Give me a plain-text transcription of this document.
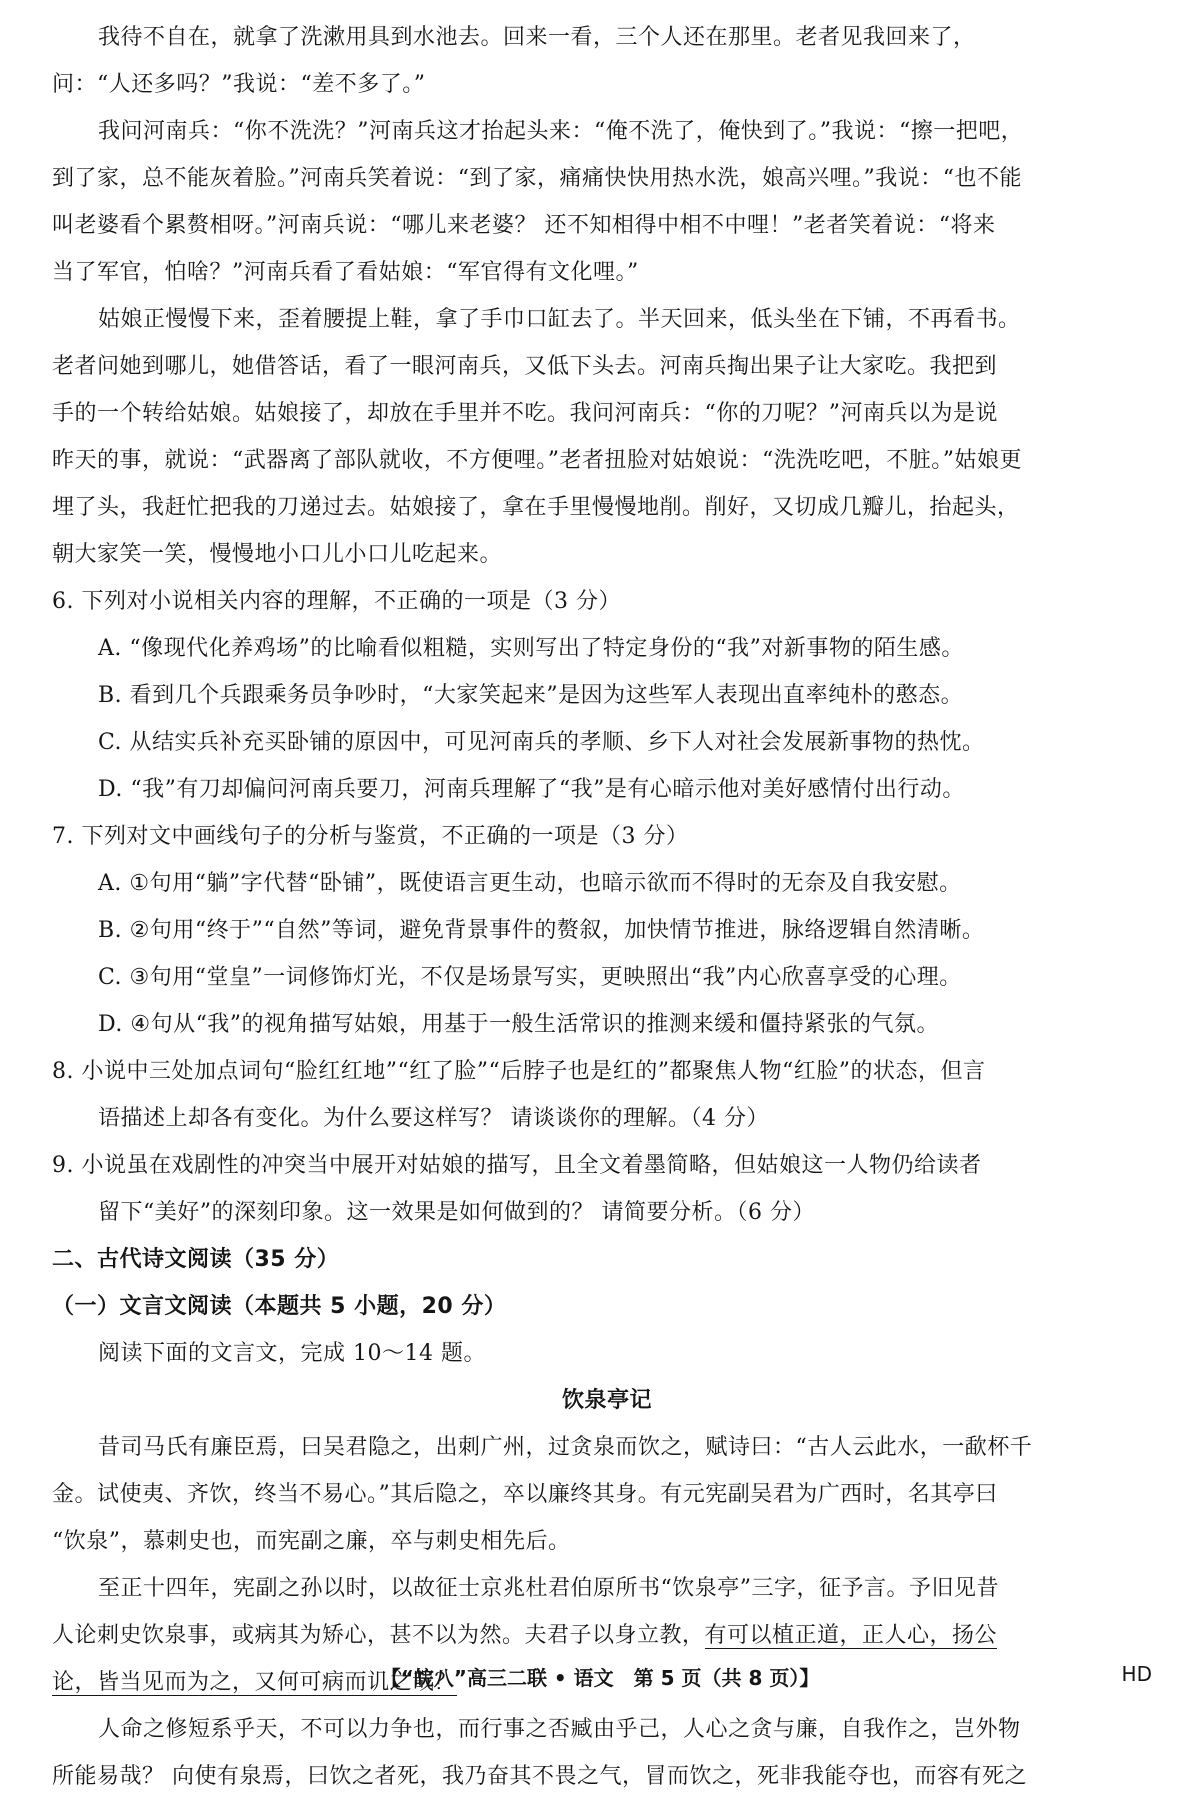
我待不自在，就拿了洗漱用具到水池去。回来一看，三个人还在那里。老者见我回来了，
问：“人还多吗？”我说：“差不多了。”
我问河南兵：“你不洗洗？”河南兵这才抬起头来：“俺不洗了，俺快到了。”我说：“擦一把吧，
到了家，总不能灰着脸。”河南兵笑着说：“到了家，痛痛快快用热水洗，娘高兴哩。”我说：“也不能
叫老婆看个累赘相呀。”河南兵说：“哪儿来老婆？ 还不知相得中相不中哩！”老者笑着说：“将来
当了军官，怕啥？”河南兵看了看姑娘：“军官得有文化哩。”
姑娘正慢慢下来，歪着腰提上鞋，拿了手巾口缸去了。半天回来，低头坐在下铺，不再看书。
老者问她到哪儿，她借答话，看了一眼河南兵，又低下头去。河南兵掏出果子让大家吃。我把到
手的一个转给姑娘。姑娘接了，却放在手里并不吃。我问河南兵：“你的刀呢？”河南兵以为是说
昨天的事，就说：“武器离了部队就收，不方便哩。”老者扭脸对姑娘说：“洗洗吃吧，不脏。”姑娘更
埋了头，我赶忙把我的刀递过去。姑娘接了，拿在手里慢慢地削。削好，又切成几瓣儿，抬起头，
朝大家笑一笑，慢慢地小口儿小口儿吃起来。
6. 下列对小说相关内容的理解，不正确的一项是（3 分）
A. “像现代化养鸡场”的比喻看似粗糙，实则写出了特定身份的“我”对新事物的陌生感。
B. 看到几个兵跟乘务员争吵时，“大家笑起来”是因为这些军人表现出直率纯朴的憨态。
C. 从结实兵补充买卧铺的原因中，可见河南兵的孝顺、乡下人对社会发展新事物的热忱。
D. “我”有刀却偏问河南兵要刀，河南兵理解了“我”是有心暗示他对美好感情付出行动。
7. 下列对文中画线句子的分析与鉴赏，不正确的一项是（3 分）
A. ①句用“躺”字代替“卧铺”，既使语言更生动，也暗示欲而不得时的无奈及自我安慰。
B. ②句用“终于”“自然”等词，避免背景事件的赘叙，加快情节推进，脉络逻辑自然清晰。
C. ③句用“堂皇”一词修饰灯光，不仅是场景写实，更映照出“我”内心欣喜享受的心理。
D. ④句从“我”的视角描写姑娘，用基于一般生活常识的推测来缓和僵持紧张的气氛。
8. 小说中三处加点词句“脸红红地”“红了脸”“后脖子也是红的”都聚焦人物“红脸”的状态，但言
语描述上却各有变化。为什么要这样写？ 请谈谈你的理解。（4 分）
9. 小说虽在戏剧性的冲突当中展开对姑娘的描写，且全文着墨简略，但姑娘这一人物仍给读者
留下“美好”的深刻印象。这一效果是如何做到的？ 请简要分析。（6 分）
二、古代诗文阅读（35 分）
（一）文言文阅读（本题共 5 小题，20 分）
阅读下面的文言文，完成 10～14 题。
饮泉亭记
昔司马氏有廉臣焉，曰吴君隐之，出刺广州，过贪泉而饮之，赋诗曰：“古人云此水，一歃杯千
金。试使夷、齐饮，终当不易心。”其后隐之，卒以廉终其身。有元宪副吴君为广西时，名其亭曰
“饮泉”，慕刺史也，而宪副之廉，卒与刺史相先后。
至正十四年，宪副之孙以时，以故征士京兆杜君伯原所书“饮泉亭”三字，征予言。予旧见昔
人论刺史饮泉事，或病其为矫心，甚不以为然。夫君子以身立教，有可以植正道，正人心，扬公
论，皆当见而为之，又何可病而讥之哉？
人命之修短系乎天，不可以力争也，而行事之否臧由乎己，人心之贪与廉，自我作之，岂外物
所能易哉？ 向使有泉焉，曰饮之者死，我乃奋其不畏之气，冒而饮之，死非我能夺也，而容有死之
【“皖八”高三二联 • 语文　第 5 页（共 8 页）】	HD
